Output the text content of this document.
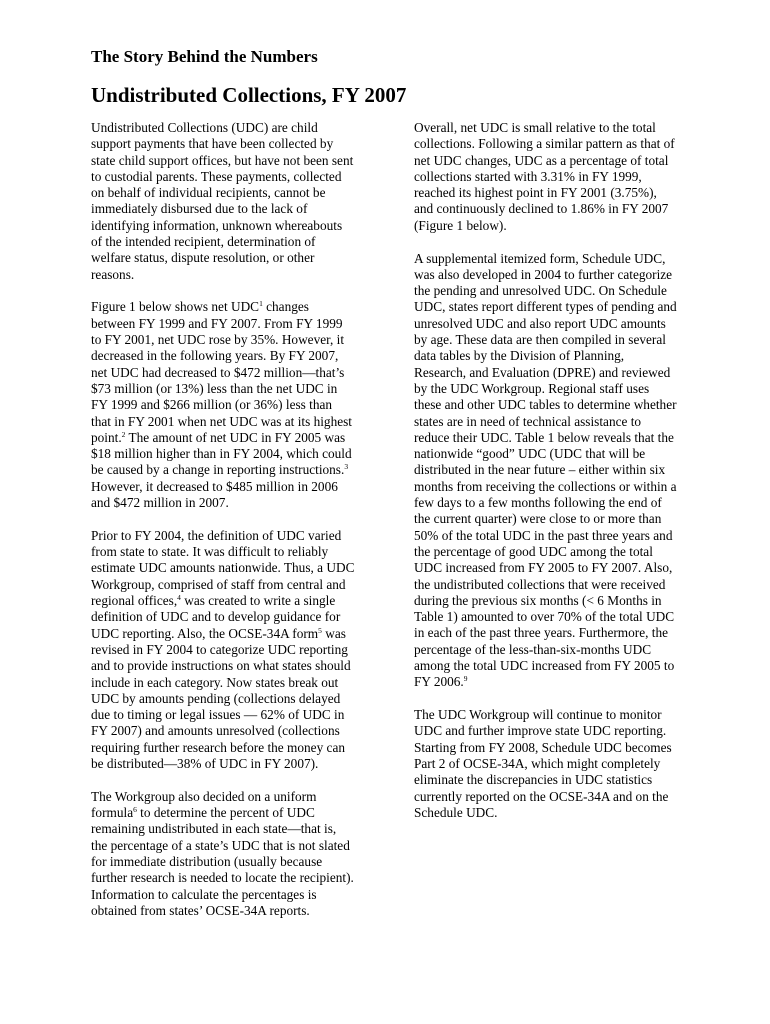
The Story Behind the Numbers
Undistributed Collections, FY 2007

Undistributed Collections (UDC) are child
support payments that have been collected by
state child support offices, but have not been sent
to custodial parents. These payments, collected
on behalf of individual recipients, cannot be
immediately disbursed due to the lack of
identifying information, unknown whereabouts
of the intended recipient, determination of
welfare status, dispute resolution, or other
reasons.

Figure 1 below shows net UDC$^1$ changes
between FY 1999 and FY 2007. From FY 1999
to FY 2001, net UDC rose by 35%. However, it
decreased in the following years. By FY 2007,
net UDC had decreased to $472 million—that’s
$73 million (or 13%) less than the net UDC in
FY 1999 and $266 million (or 36%) less than
that in FY 2001 when net UDC was at its highest
point.$^2$ The amount of net UDC in FY 2005 was
$18 million higher than in FY 2004, which could
be caused by a change in reporting instructions.$^3$
However, it decreased to $485 million in 2006
and $472 million in 2007.

Prior to FY 2004, the definition of UDC varied
from state to state. It was difficult to reliably
estimate UDC amounts nationwide. Thus, a UDC
Workgroup, comprised of staff from central and
regional offices,$^4$ was created to write a single
definition of UDC and to develop guidance for
UDC reporting. Also, the OCSE-34A form$^5$ was
revised in FY 2004 to categorize UDC reporting
and to provide instructions on what states should
include in each category. Now states break out
UDC by amounts pending (collections delayed
due to timing or legal issues — 62% of UDC in
FY 2007) and amounts unresolved (collections
requiring further research before the money can
be distributed—38% of UDC in FY 2007).

The Workgroup also decided on a uniform
formula$^6$ to determine the percent of UDC
remaining undistributed in each state—that is,
the percentage of a state’s UDC that is not slated
for immediate distribution (usually because
further research is needed to locate the recipient).
Information to calculate the percentages is
obtained from states’ OCSE-34A reports.

Overall, net UDC is small relative to the total
collections. Following a similar pattern as that of
net UDC changes, UDC as a percentage of total
collections started with 3.31% in FY 1999,
reached its highest point in FY 2001 (3.75%),
and continuously declined to 1.86% in FY 2007
(Figure 1 below).

A supplemental itemized form, Schedule UDC,
was also developed in 2004 to further categorize
the pending and unresolved UDC. On Schedule
UDC, states report different types of pending and
unresolved UDC and also report UDC amounts
by age. These data are then compiled in several
data tables by the Division of Planning,
Research, and Evaluation (DPRE) and reviewed
by the UDC Workgroup. Regional staff uses
these and other UDC tables to determine whether
states are in need of technical assistance to
reduce their UDC. Table 1 below reveals that the
nationwide “good” UDC (UDC that will be
distributed in the near future – either within six
months from receiving the collections or within a
few days to a few months following the end of
the current quarter) were close to or more than
50% of the total UDC in the past three years and
the percentage of good UDC among the total
UDC increased from FY 2005 to FY 2007. Also,
the undistributed collections that were received
during the previous six months (< 6 Months in
Table 1) amounted to over 70% of the total UDC
in each of the past three years. Furthermore, the
percentage of the less-than-six-months UDC
among the total UDC increased from FY 2005 to
FY 2006.$^9$

The UDC Workgroup will continue to monitor
UDC and further improve state UDC reporting.
Starting from FY 2008, Schedule UDC becomes
Part 2 of OCSE-34A, which might completely
eliminate the discrepancies in UDC statistics
currently reported on the OCSE-34A and on the
Schedule UDC.
